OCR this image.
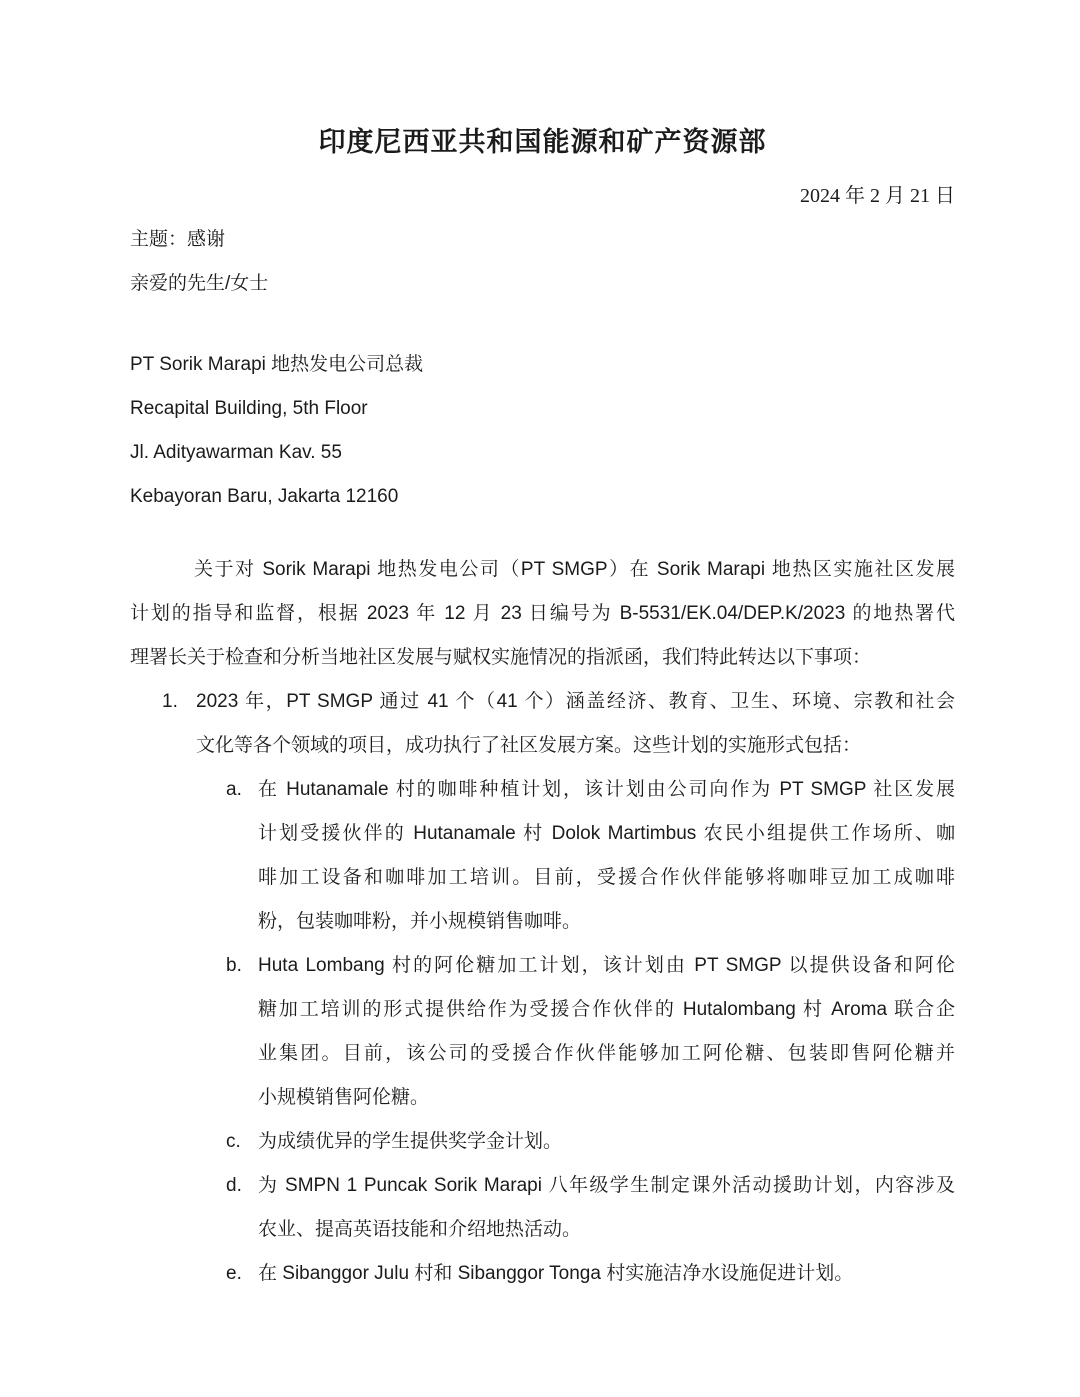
印度尼西亚共和国能源和矿产资源部
2024 年 2 月 21 日
主题：感谢
亲爱的先生/女士
PT Sorik Marapi 地热发电公司总裁
Recapital Building, 5th Floor
Jl. Adityawarman Kav. 55
Kebayoran Baru, Jakarta 12160
关于对 Sorik Marapi 地热发电公司（PT SMGP）在 Sorik Marapi 地热区实施社区发展
计划的指导和监督，根据 2023 年 12 月 23 日编号为 B-5531/EK.04/DEP.K/2023 的地热署代
理署长关于检查和分析当地社区发展与赋权实施情况的指派函，我们特此转达以下事项：
1. 2023 年，PT SMGP 通过 41 个（41 个）涵盖经济、教育、卫生、环境、宗教和社会
文化等各个领域的项目，成功执行了社区发展方案。这些计划的实施形式包括：
a. 在 Hutanamale 村的咖啡种植计划，该计划由公司向作为 PT SMGP 社区发展
计划受援伙伴的 Hutanamale 村 Dolok Martimbus 农民小组提供工作场所、咖
啡加工设备和咖啡加工培训。目前，受援合作伙伴能够将咖啡豆加工成咖啡
粉，包装咖啡粉，并小规模销售咖啡。
b. Huta Lombang 村的阿伦糖加工计划，该计划由 PT SMGP 以提供设备和阿伦
糖加工培训的形式提供给作为受援合作伙伴的 Hutalombang 村 Aroma 联合企
业集团。目前，该公司的受援合作伙伴能够加工阿伦糖、包装即售阿伦糖并
小规模销售阿伦糖。
c. 为成绩优异的学生提供奖学金计划。
d. 为 SMPN 1 Puncak Sorik Marapi 八年级学生制定课外活动援助计划，内容涉及
农业、提高英语技能和介绍地热活动。
e. 在 Sibanggor Julu 村和 Sibanggor Tonga 村实施洁净水设施促进计划。
